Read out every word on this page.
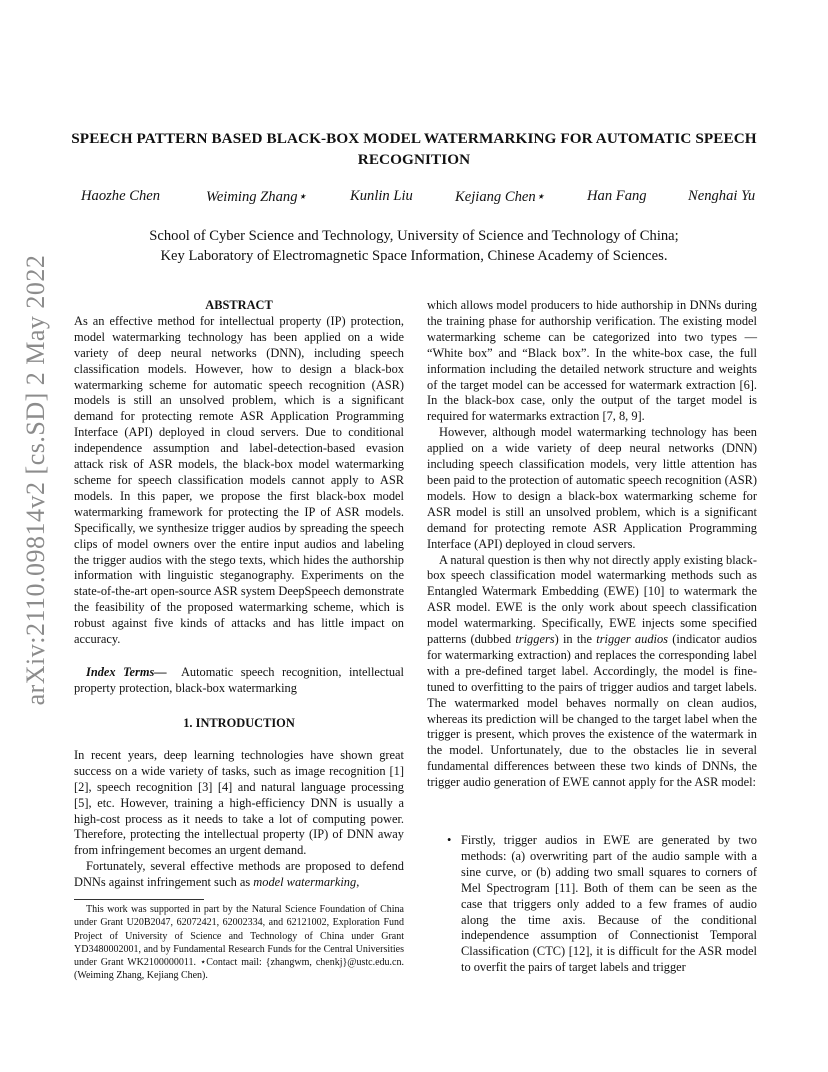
arXiv:2110.09814v2 [cs.SD] 2 May 2022
SPEECH PATTERN BASED BLACK-BOX MODEL WATERMARKING FOR AUTOMATIC SPEECH RECOGNITION
Haozhe Chen	Weiming Zhang⋆	Kunlin Liu	Kejiang Chen⋆	Han Fang	Nenghai Yu
School of Cyber Science and Technology, University of Science and Technology of China;
Key Laboratory of Electromagnetic Space Information, Chinese Academy of Sciences.

ABSTRACT

As an effective method for intellectual property (IP) protection, model watermarking technology has been applied on a wide variety of deep neural networks (DNN), including speech classification models. However, how to design a black-box watermarking scheme for automatic speech recognition (ASR) models is still an unsolved problem, which is a significant demand for protecting remote ASR Application Programming Interface (API) deployed in cloud servers. Due to conditional independence assumption and label-detection-based evasion attack risk of ASR models, the black-box model watermarking scheme for speech classification models cannot apply to ASR models. In this paper, we propose the first black-box model watermarking framework for protecting the IP of ASR models. Specifically, we synthesize trigger audios by spreading the speech clips of model owners over the entire input audios and labeling the trigger audios with the stego texts, which hides the authorship information with linguistic steganography. Experiments on the state-of-the-art open-source ASR system DeepSpeech demonstrate the feasibility of the proposed watermarking scheme, which is robust against five kinds of attacks and has little impact on accuracy.

Index Terms— Automatic speech recognition, intellectual property protection, black-box watermarking

1. INTRODUCTION

In recent years, deep learning technologies have shown great success on a wide variety of tasks, such as image recognition [1] [2], speech recognition [3] [4] and natural language processing [5], etc. However, training a high-efficiency DNN is usually a high-cost process as it needs to take a lot of computing power. Therefore, protecting the intellectual property (IP) of DNN away from infringement becomes an urgent demand.

Fortunately, several effective methods are proposed to defend DNNs against infringement such as model watermarking,

This work was supported in part by the Natural Science Foundation of China under Grant U20B2047, 62072421, 62002334, and 62121002, Exploration Fund Project of University of Science and Technology of China under Grant YD3480002001, and by Fundamental Research Funds for the Central Universities under Grant WK2100000011. ⋆Contact mail: {zhangwm, chenkj}@ustc.edu.cn. (Weiming Zhang, Kejiang Chen).

which allows model producers to hide authorship in DNNs during the training phase for authorship verification. The existing model watermarking scheme can be categorized into two types — “White box” and “Black box”. In the white-box case, the full information including the detailed network structure and weights of the target model can be accessed for watermark extraction [6]. In the black-box case, only the output of the target model is required for watermarks extraction [7, 8, 9].

However, although model watermarking technology has been applied on a wide variety of deep neural networks (DNN) including speech classification models, very little attention has been paid to the protection of automatic speech recognition (ASR) models. How to design a black-box watermarking scheme for ASR model is still an unsolved problem, which is a significant demand for protecting remote ASR Application Programming Interface (API) deployed in cloud servers.

A natural question is then why not directly apply existing black-box speech classification model watermarking methods such as Entangled Watermark Embedding (EWE) [10] to watermark the ASR model. EWE is the only work about speech classification model watermarking. Specifically, EWE injects some specified patterns (dubbed triggers) in the trigger audios (indicator audios for watermarking extraction) and replaces the corresponding label with a pre-defined target label. Accordingly, the model is fine-tuned to overfitting to the pairs of trigger audios and target labels. The watermarked model behaves normally on clean audios, whereas its prediction will be changed to the target label when the trigger is present, which proves the existence of the watermark in the model. Unfortunately, due to the obstacles lie in several fundamental differences between these two kinds of DNNs, the trigger audio generation of EWE cannot apply for the ASR model:

• Firstly, trigger audios in EWE are generated by two methods: (a) overwriting part of the audio sample with a sine curve, or (b) adding two small squares to corners of Mel Spectrogram [11]. Both of them can be seen as the case that triggers only added to a few frames of audio along the time axis. Because of the conditional independence assumption of Connectionist Temporal Classification (CTC) [12], it is difficult for the ASR model to overfit the pairs of target labels and trigger
